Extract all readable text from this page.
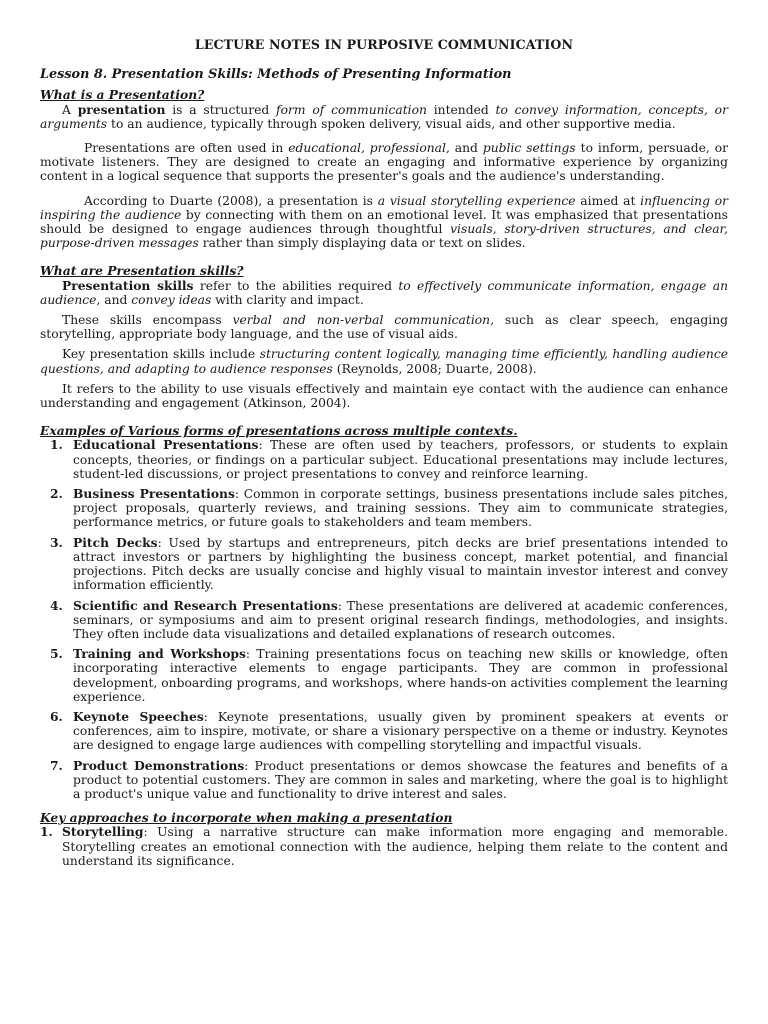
LECTURE NOTES IN PURPOSIVE COMMUNICATION
Lesson 8. Presentation Skills: Methods of Presenting Information
What is a Presentation?

A presentation is a structured form of communication intended to convey information, concepts, or arguments to an audience, typically through spoken delivery, visual aids, and other supportive media.

Presentations are often used in educational, professional, and public settings to inform, persuade, or motivate listeners. They are designed to create an engaging and informative experience by organizing content in a logical sequence that supports the presenter's goals and the audience's understanding.

According to Duarte (2008), a presentation is a visual storytelling experience aimed at influencing or inspiring the audience by connecting with them on an emotional level. It was emphasized that presentations should be designed to engage audiences through thoughtful visuals, story-driven structures, and clear, purpose-driven messages rather than simply displaying data or text on slides.

What are Presentation skills?

Presentation skills refer to the abilities required to effectively communicate information, engage an audience, and convey ideas with clarity and impact.

These skills encompass verbal and non-verbal communication, such as clear speech, engaging storytelling, appropriate body language, and the use of visual aids.

Key presentation skills include structuring content logically, managing time efficiently, handling audience questions, and adapting to audience responses (Reynolds, 2008; Duarte, 2008).

It refers to the ability to use visuals effectively and maintain eye contact with the audience can enhance understanding and engagement (Atkinson, 2004).

Examples of Various forms of presentations across multiple contexts.
1. Educational Presentations: These are often used by teachers, professors, or students to explain concepts, theories, or findings on a particular subject. Educational presentations may include lectures, student-led discussions, or project presentations to convey and reinforce learning.
2. Business Presentations: Common in corporate settings, business presentations include sales pitches, project proposals, quarterly reviews, and training sessions. They aim to communicate strategies, performance metrics, or future goals to stakeholders and team members.
3. Pitch Decks: Used by startups and entrepreneurs, pitch decks are brief presentations intended to attract investors or partners by highlighting the business concept, market potential, and financial projections. Pitch decks are usually concise and highly visual to maintain investor interest and convey information efficiently.
4. Scientific and Research Presentations: These presentations are delivered at academic conferences, seminars, or symposiums and aim to present original research findings, methodologies, and insights. They often include data visualizations and detailed explanations of research outcomes.
5. Training and Workshops: Training presentations focus on teaching new skills or knowledge, often incorporating interactive elements to engage participants. They are common in professional development, onboarding programs, and workshops, where hands-on activities complement the learning experience.
6. Keynote Speeches: Keynote presentations, usually given by prominent speakers at events or conferences, aim to inspire, motivate, or share a visionary perspective on a theme or industry. Keynotes are designed to engage large audiences with compelling storytelling and impactful visuals.
7. Product Demonstrations: Product presentations or demos showcase the features and benefits of a product to potential customers. They are common in sales and marketing, where the goal is to highlight a product's unique value and functionality to drive interest and sales.
Key approaches to incorporate when making a presentation
1. Storytelling: Using a narrative structure can make information more engaging and memorable. Storytelling creates an emotional connection with the audience, helping them relate to the content and understand its significance.
